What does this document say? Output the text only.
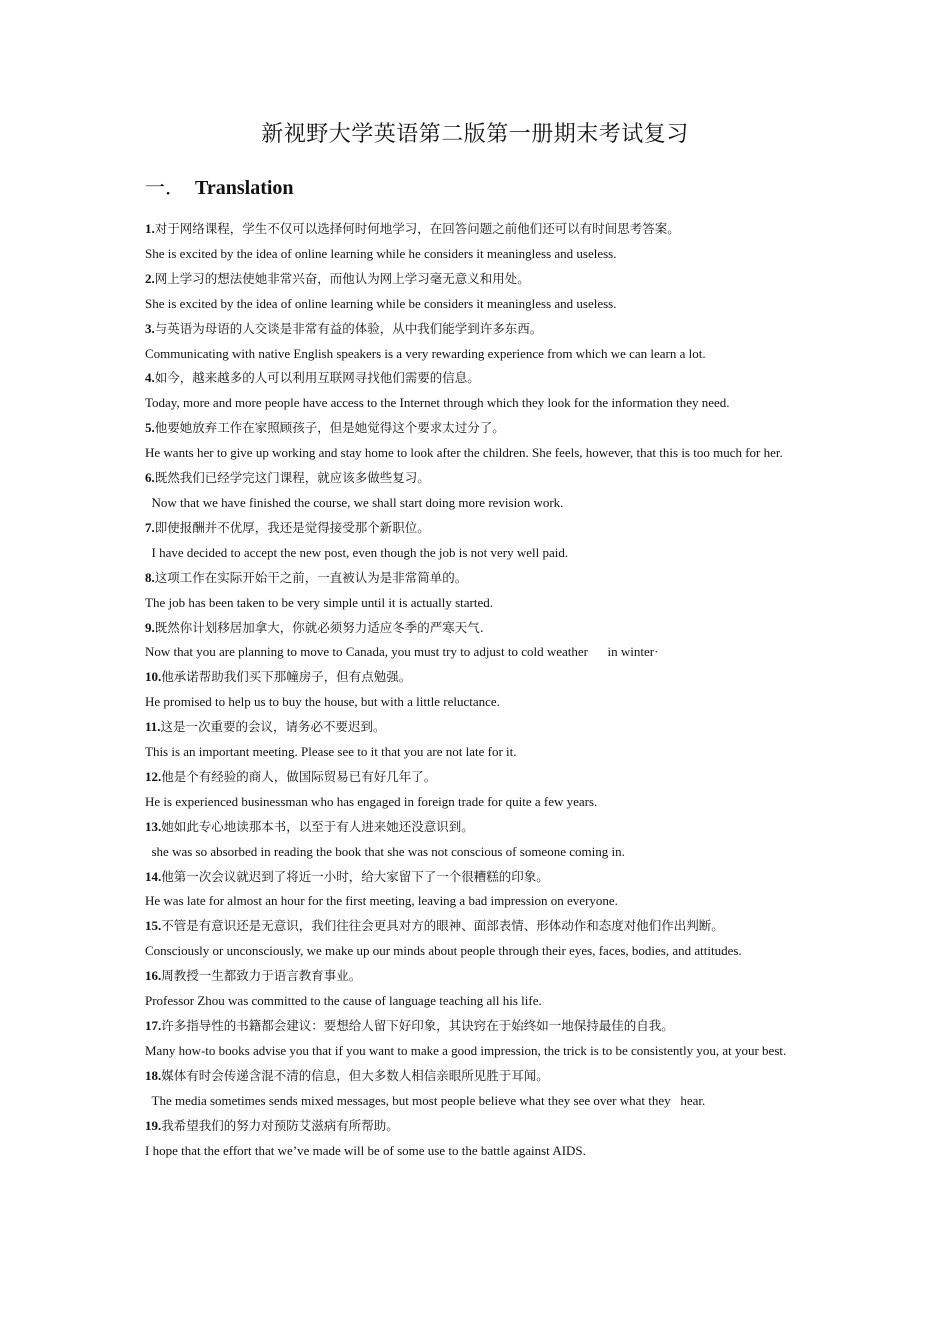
新视野大学英语第二版第一册期末考试复习
一． Translation

1.对于网络课程，学生不仅可以选择何时何地学习，在回答问题之前他们还可以有时间思考答案。

She is excited by the idea of online learning while he considers it meaningless and useless.

2.网上学习的想法使她非常兴奋，而他认为网上学习毫无意义和用处。

She is excited by the idea of online learning while be considers it meaningless and useless.

3.与英语为母语的人交谈是非常有益的体验，从中我们能学到许多东西。

Communicating with native English speakers is a very rewarding experience from which we can learn a lot.

4.如今，越来越多的人可以利用互联网寻找他们需要的信息。

Today, more and more people have access to the Internet through which they look for the information they need.

5.他要她放弃工作在家照顾孩子，但是她觉得这个要求太过分了。

He wants her to give up working and stay home to look after the children. She feels, however, that this is too much for her.

6.既然我们已经学完这门课程，就应该多做些复习。

Now that we have finished the course, we shall start doing more revision work.

7.即使报酬并不优厚，我还是觉得接受那个新职位。

I have decided to accept the new post, even though the job is not very well paid.

8.这项工作在实际开始干之前，一直被认为是非常简单的。

The job has been taken to be very simple until it is actually started.

9.既然你计划移居加拿大，你就必须努力适应冬季的严寒天气.

Now that you are planning to move to Canada, you must try to adjust to cold weather      in winter·

10.他承诺帮助我们买下那幢房子，但有点勉强。

He promised to help us to buy the house, but with a little reluctance.

11.这是一次重要的会议，请务必不要迟到。

This is an important meeting. Please see to it that you are not late for it.

12.他是个有经验的商人，做国际贸易已有好几年了。

He is experienced businessman who has engaged in foreign trade for quite a few years.

13.她如此专心地读那本书，以至于有人进来她还没意识到。

she was so absorbed in reading the book that she was not conscious of someone coming in.

14.他第一次会议就迟到了将近一小时，给大家留下了一个很糟糕的印象。

He was late for almost an hour for the first meeting, leaving a bad impression on everyone.

15.不管是有意识还是无意识，我们往往会更具对方的眼神、面部表情、形体动作和态度对他们作出判断。

Consciously or unconsciously, we make up our minds about people through their eyes, faces, bodies, and attitudes.

16.周教授一生都致力于语言教育事业。

Professor Zhou was committed to the cause of language teaching all his life.

17.许多指导性的书籍都会建议：要想给人留下好印象，其诀窍在于始终如一地保持最佳的自我。

Many how-to books advise you that if you want to make a good impression, the trick is to be consistently you, at your best.

18.媒体有时会传递含混不清的信息，但大多数人相信亲眼所见胜于耳闻。

The media sometimes sends mixed messages, but most people believe what they see over what they   hear.

19.我希望我们的努力对预防艾滋病有所帮助。

I hope that the effort that we’ve made will be of some use to the battle against AIDS.
